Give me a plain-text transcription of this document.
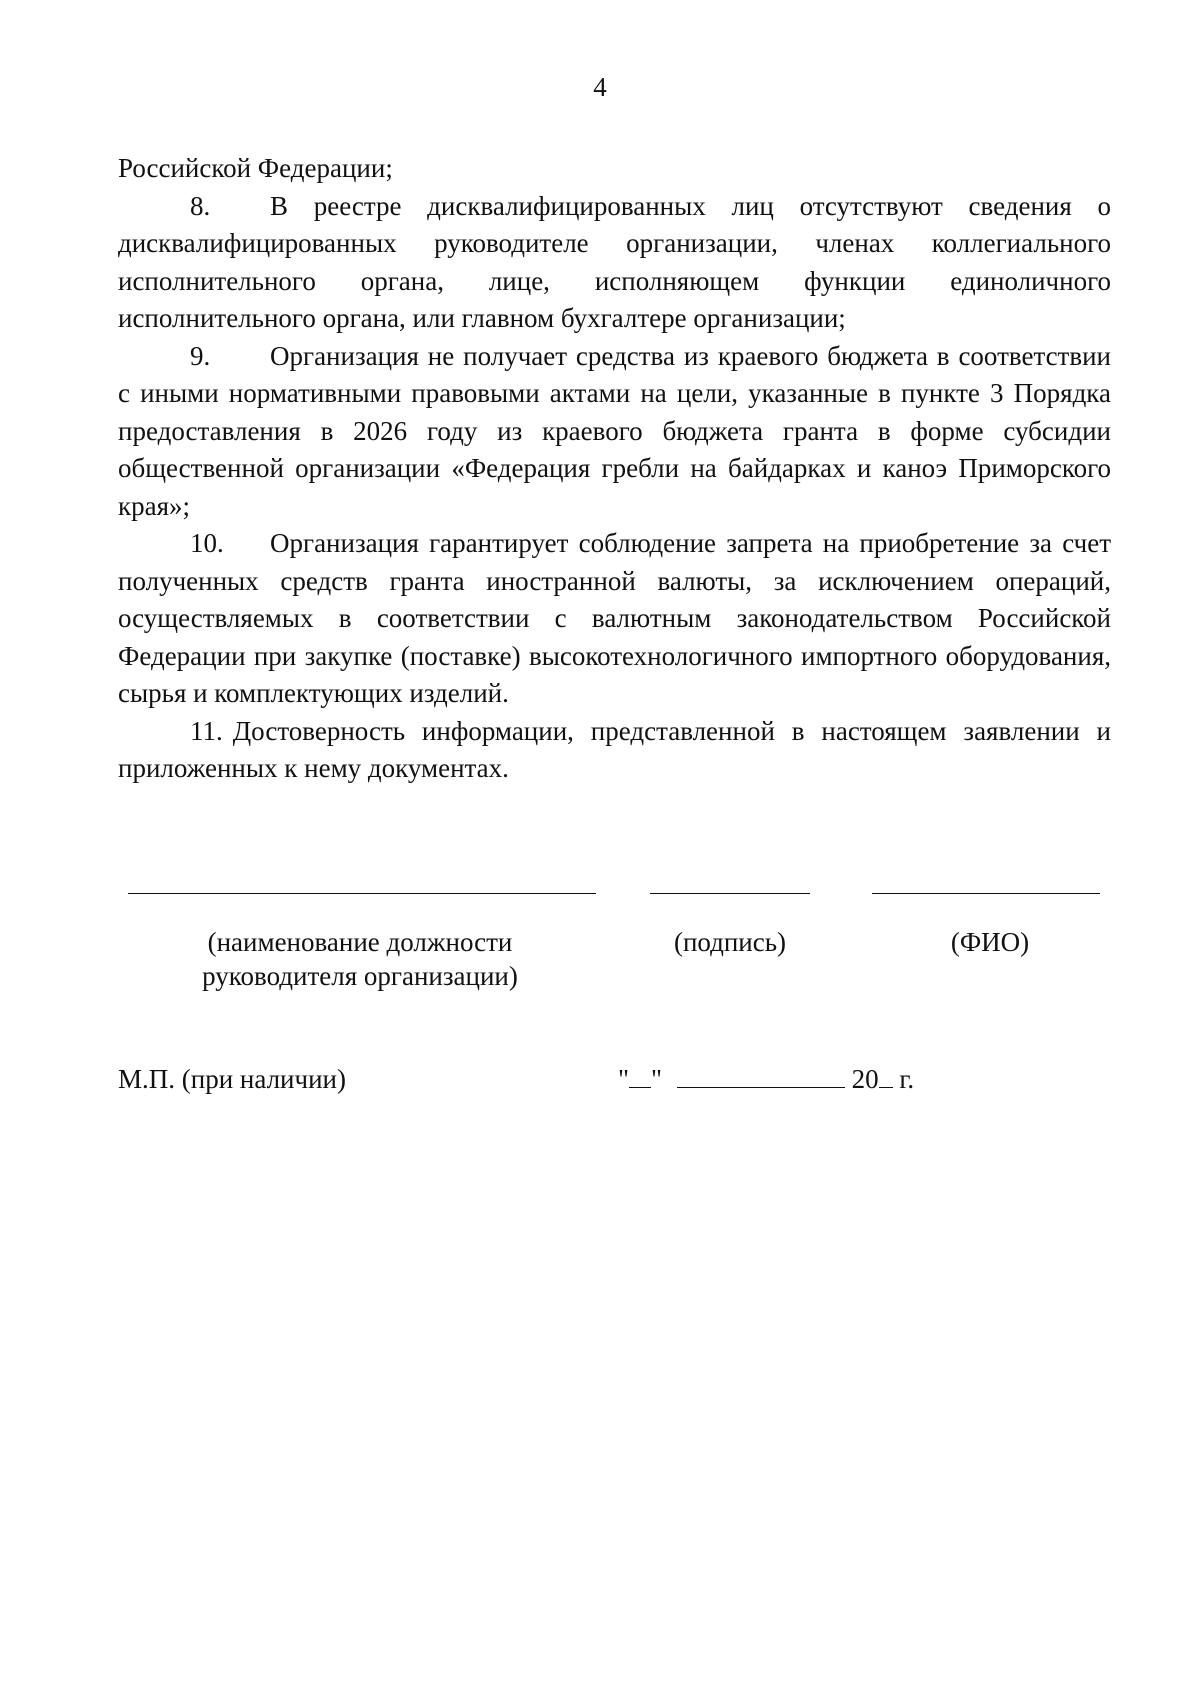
4

Российской Федерации;

8. В реестре дисквалифицированных лиц отсутствуют сведения о дисквалифицированных руководителе организации, членах коллегиального исполнительного органа, лице, исполняющем функции единоличного исполнительного органа, или главном бухгалтере организации;

9. Организация не получает средства из краевого бюджета в соответствии с иными нормативными правовыми актами на цели, указанные в пункте 3 Порядка предоставления в 2026 году из краевого бюджета гранта в форме субсидии общественной организации «Федерация гребли на байдарках и каноэ Приморского края»;

10. Организация гарантирует соблюдение запрета на приобретение за счет полученных средств гранта иностранной валюты, за исключением операций, осуществляемых в соответствии с валютным законодательством Российской Федерации при закупке (поставке) высокотехнологичного импортного оборудования, сырья и комплектующих изделий.

11. Достоверность информации, представленной в настоящем заявлении и приложенных к нему документах.

(наименование должности
руководителя организации)
(подпись)	(ФИО)
М.П. (при наличии)	" "	20 г.
